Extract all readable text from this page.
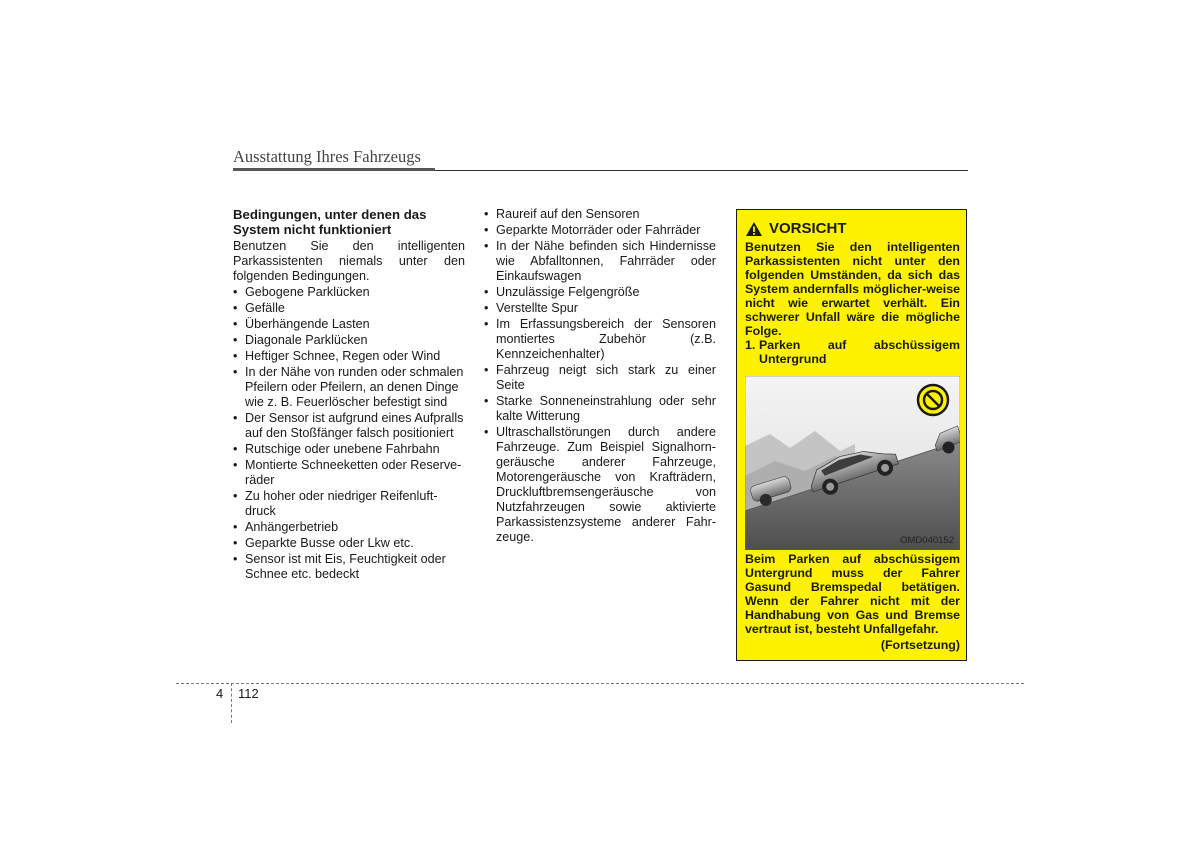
Ausstattung Ihres Fahrzeugs
Bedingungen, unter denen das
System nicht funktioniert
Benutzen Sie den intelligenten
Parkassistenten niemals unter den
folgenden Bedingungen.
• Gebogene Parklücken
• Gefälle
• Überhängende Lasten
• Diagonale Parklücken
• Heftiger Schnee, Regen oder Wind
• In der Nähe von runden oder schmalen Pfeilern oder Pfeilern, an denen Dinge wie z. B. Feuerlöscher befestigt sind
• Der Sensor ist aufgrund eines Aufpralls auf den Stoßfänger falsch positioniert
• Rutschige oder unebene Fahrbahn
• Montierte Schneeketten oder Reserve-räder
• Zu hoher oder niedriger Reifenluft-druck
• Anhängerbetrieb
• Geparkte Busse oder Lkw etc.
• Sensor ist mit Eis, Feuchtigkeit oder Schnee etc. bedeckt
• Raureif auf den Sensoren
• Geparkte Motorräder oder Fahrräder
• In der Nähe befinden sich Hindernisse wie Abfalltonnen, Fahrräder oder Einkaufswagen
• Unzulässige Felgengröße
• Verstellte Spur
• Im Erfassungsbereich der Sensoren montiertes Zubehör (z.B. Kennzeichenhalter)
• Fahrzeug neigt sich stark zu einer Seite
• Starke Sonneneinstrahlung oder sehr kalte Witterung
• Ultraschallstörungen durch andere Fahrzeuge. Zum Beispiel Signalhorn-geräusche anderer Fahrzeuge, Motorengeräusche von Krafträdern, Druckluftbremsengeräusche von Nutzfahrzeugen sowie aktivierte Parkassistenzsysteme anderer Fahr-zeuge.
VORSICHT
Benutzen Sie den intelligenten Parkassistenten nicht unter den folgenden Umständen, da sich das System andernfalls möglicher-weise nicht wie erwartet verhält. Ein schwerer Unfall wäre die mögliche Folge.
1. Parken auf abschüssigem Untergrund
OMD040152
Beim Parken auf abschüssigem Untergrund muss der Fahrer Gasund Bremspedal betätigen. Wenn der Fahrer nicht mit der Handhabung von Gas und Bremse vertraut ist, besteht Unfallgefahr.
(Fortsetzung)
4 112
